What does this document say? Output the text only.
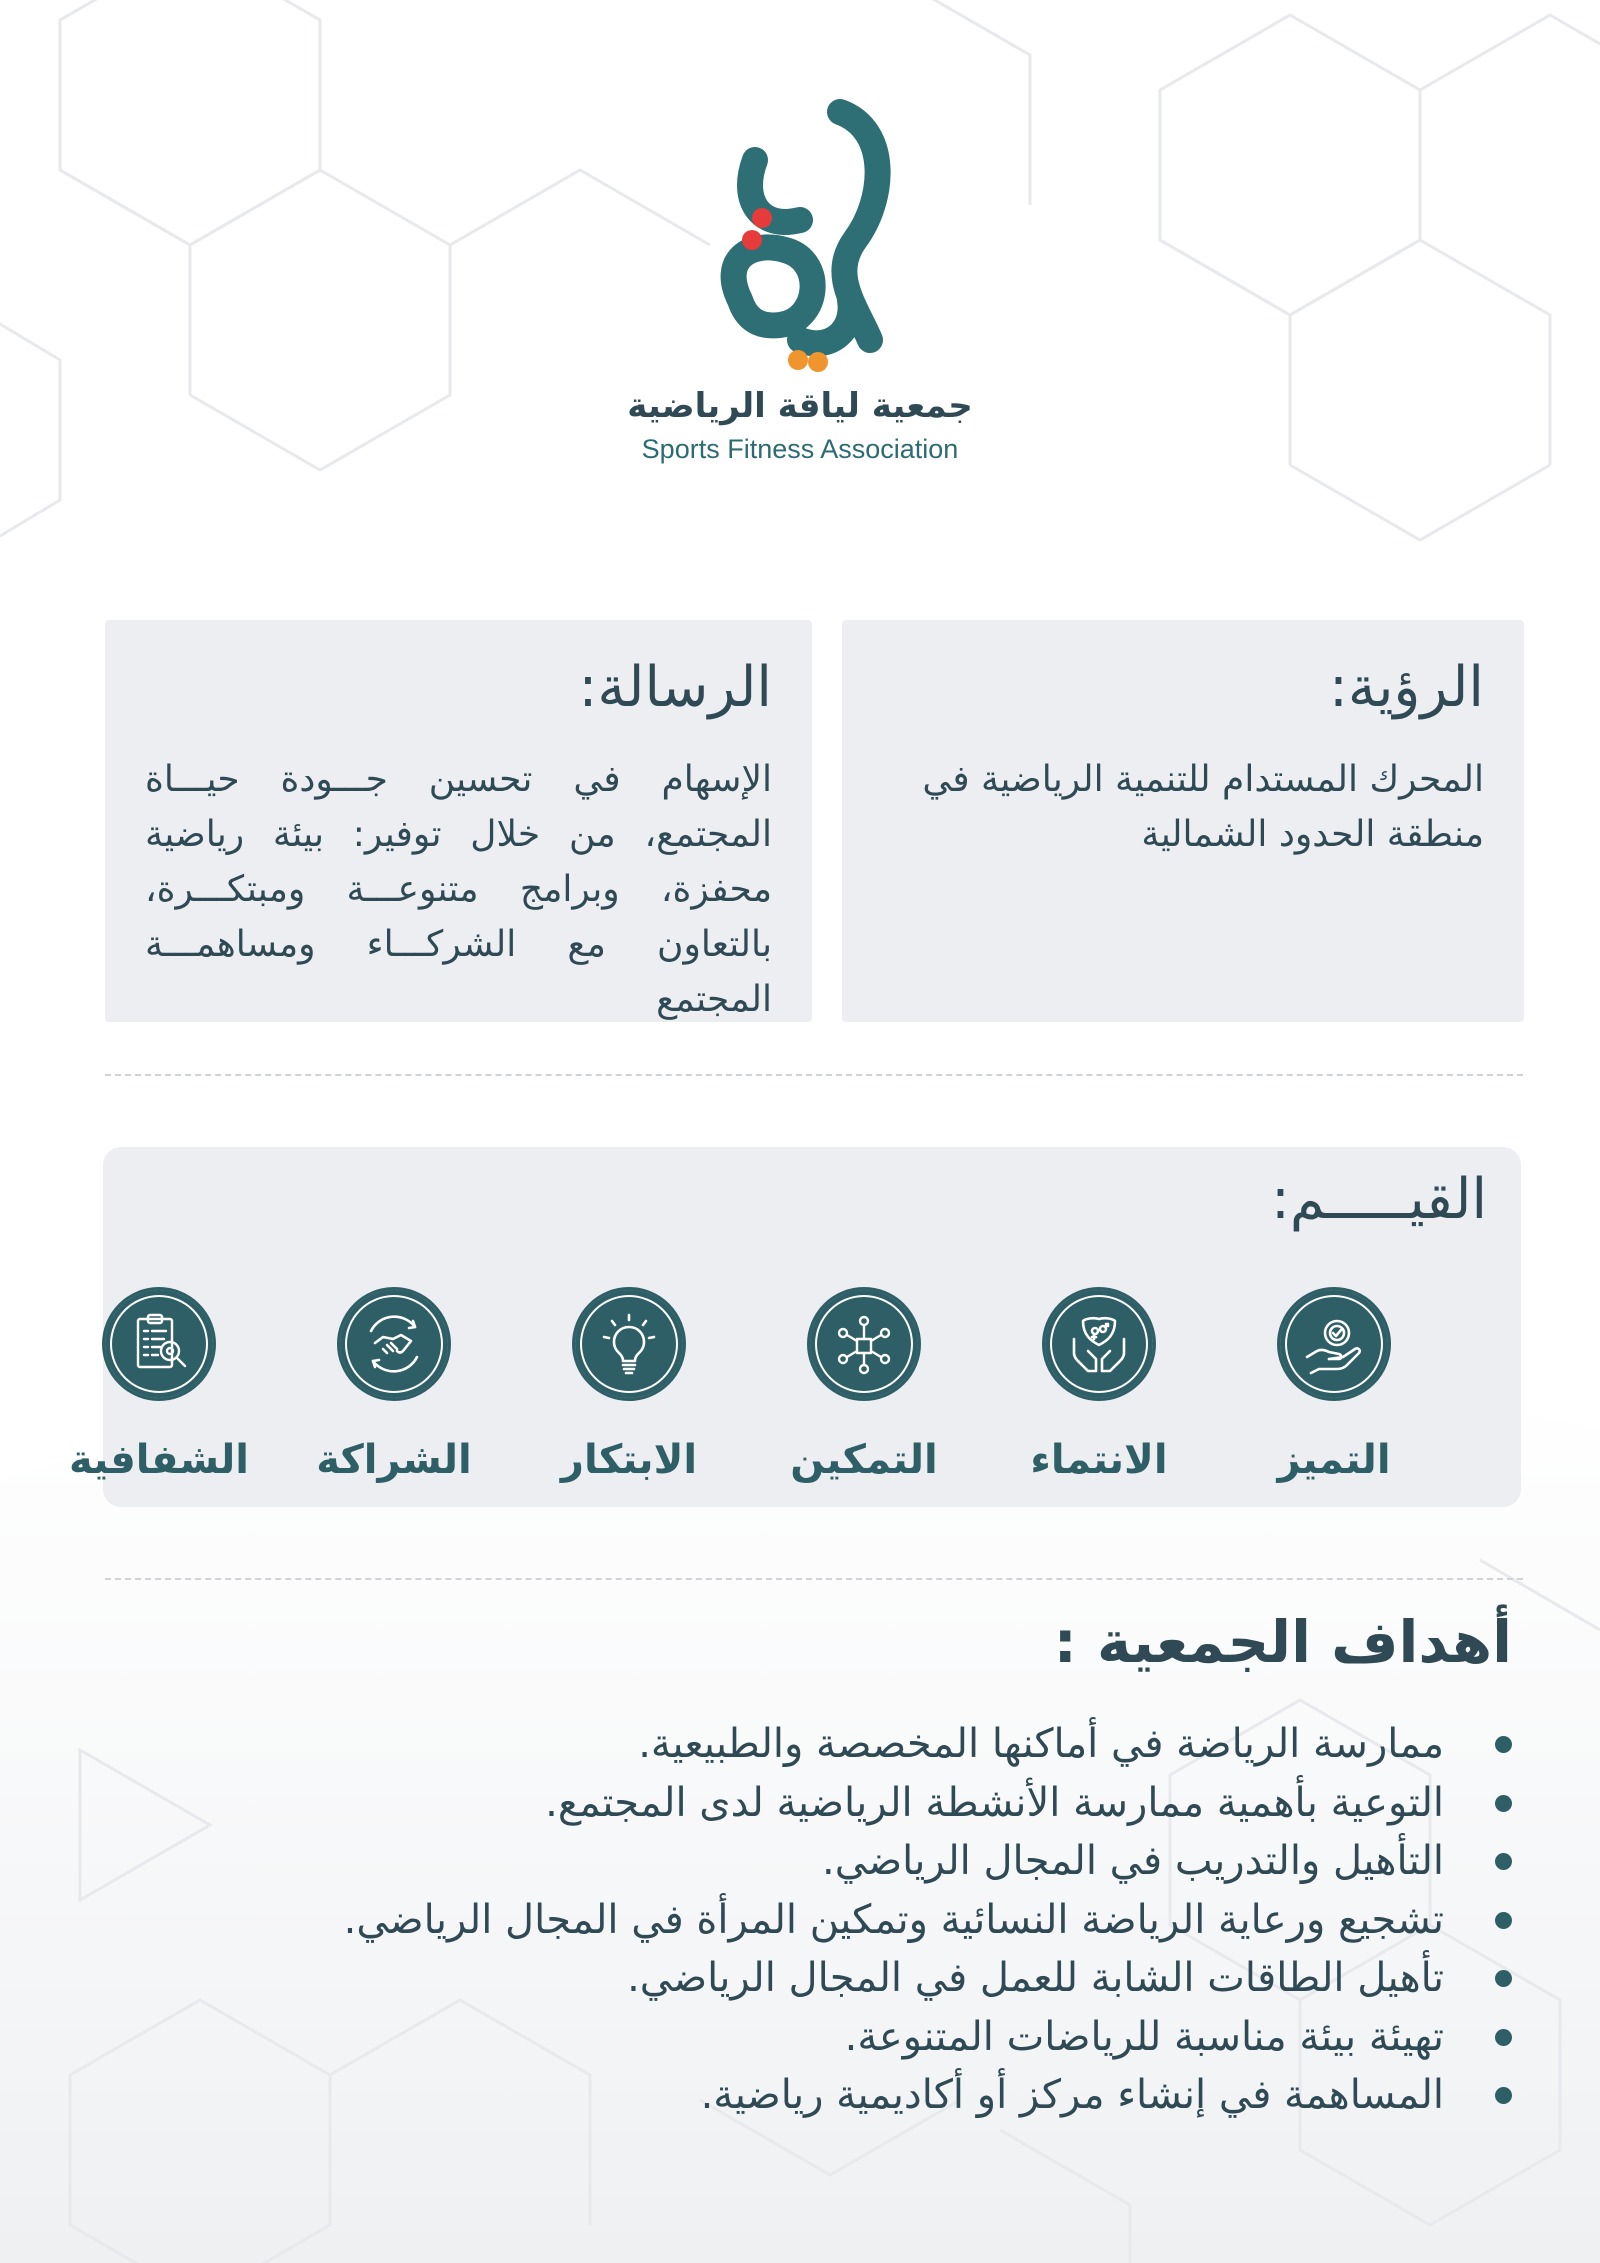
جمعية لياقة الرياضية
Sports Fitness Association
الرؤية:

المحرك المستدام للتنمية الرياضية في منطقة الحدود الشمالية

الرسالة:

الإسهام في تحسين جـــودة حيـــاة المجتمع، من خلال توفير: بيئة رياضية محفزة، وبرامج متنوعـــة ومبتكـــرة، بالتعاون مع الشركـــاء ومساهمـــة المجتمع

القيـــــم:
التميز
الانتماء
التمكين
الابتكار
الشراكة
الشفافية
أهداف الجمعية :
ممارسة الرياضة في أماكنها المخصصة والطبيعية.
التوعية بأهمية ممارسة الأنشطة الرياضية لدى المجتمع.
التأهيل والتدريب في المجال الرياضي.
تشجيع ورعاية الرياضة النسائية وتمكين المرأة في المجال الرياضي.
تأهيل الطاقات الشابة للعمل في المجال الرياضي.
تهيئة بيئة مناسبة للرياضات المتنوعة.
المساهمة في إنشاء مركز أو أكاديمية رياضية.
